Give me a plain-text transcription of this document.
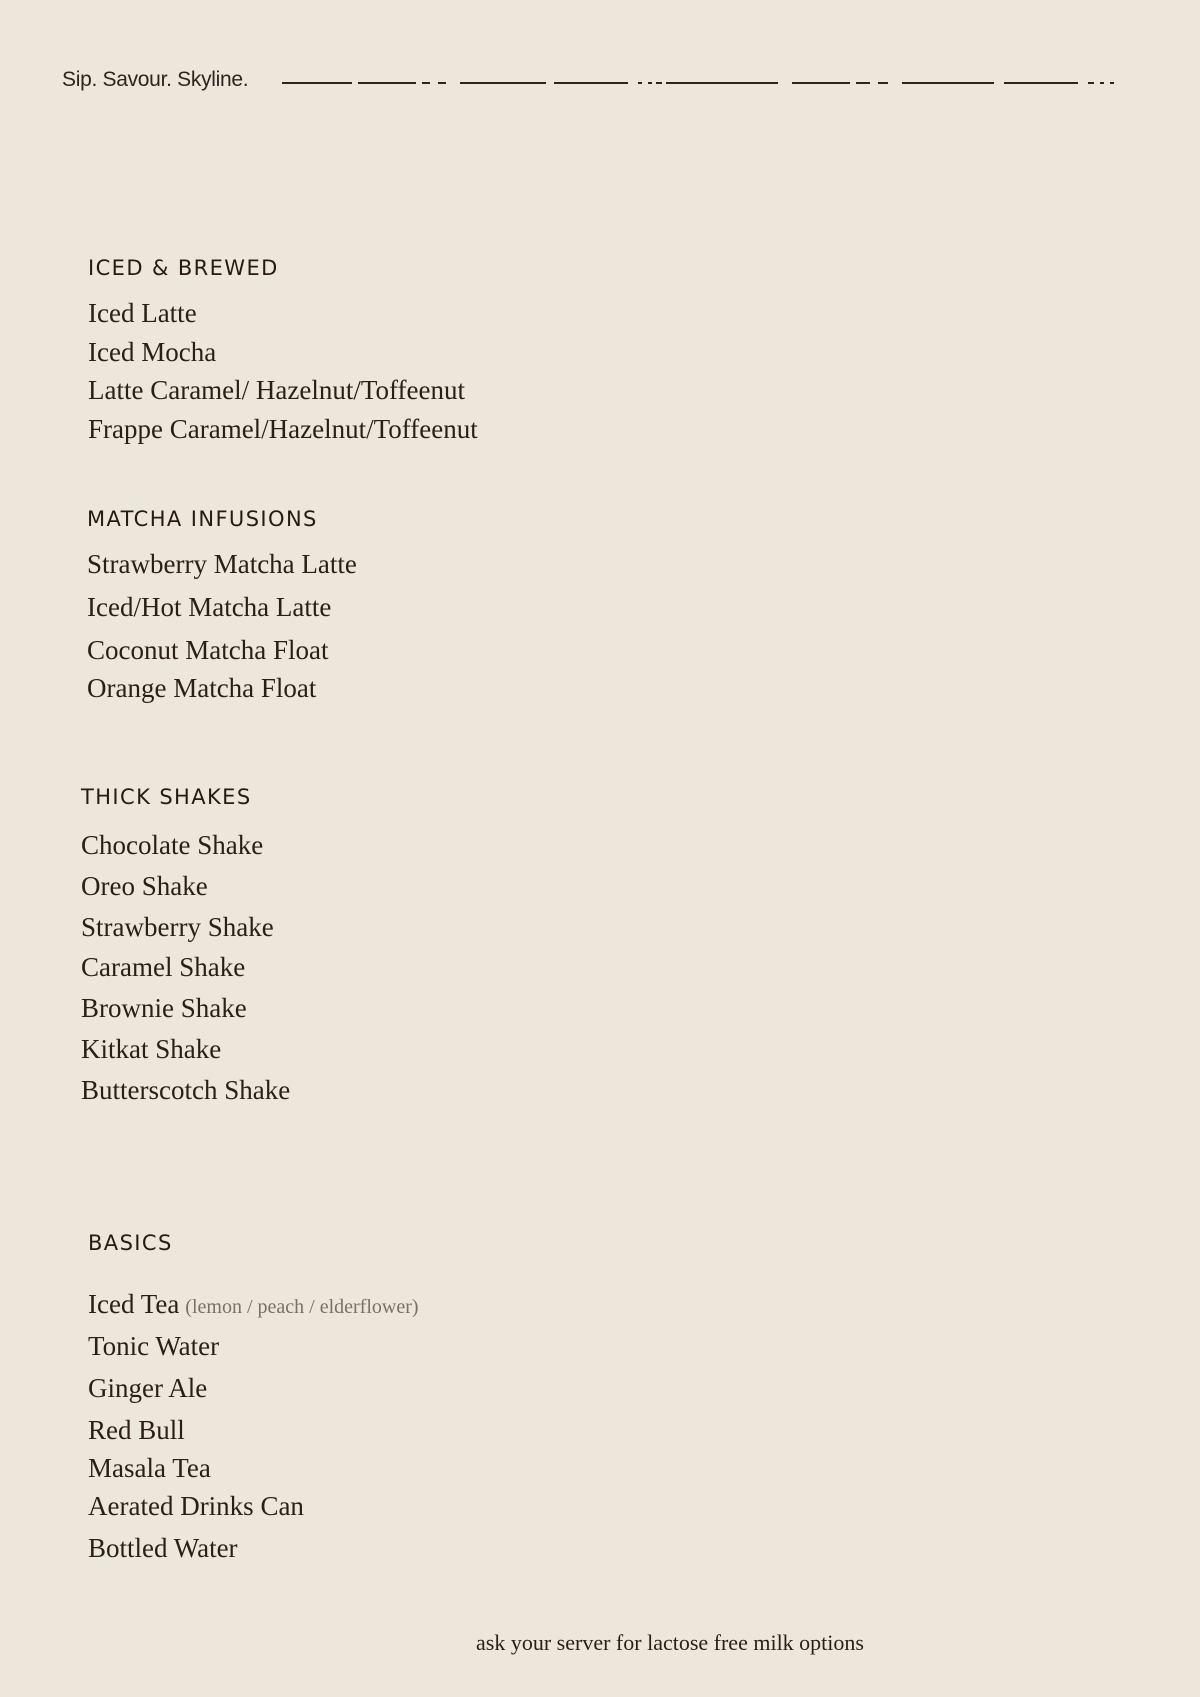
Sip. Savour. Skyline.
ICED & BREWED
Iced Latte
Iced Mocha
Latte Caramel/ Hazelnut/Toffeenut
Frappe Caramel/Hazelnut/Toffeenut
MATCHA INFUSIONS
Strawberry Matcha Latte
Iced/Hot Matcha Latte
Coconut Matcha Float
Orange Matcha Float
THICK SHAKES
Chocolate Shake
Oreo Shake
Strawberry Shake
Caramel Shake
Brownie Shake
Kitkat Shake
Butterscotch Shake
BASICS
Iced Tea (lemon / peach / elderflower)
Tonic Water
Ginger Ale
Red Bull
Masala Tea
Aerated Drinks Can
Bottled Water
ask your server for lactose free milk options
